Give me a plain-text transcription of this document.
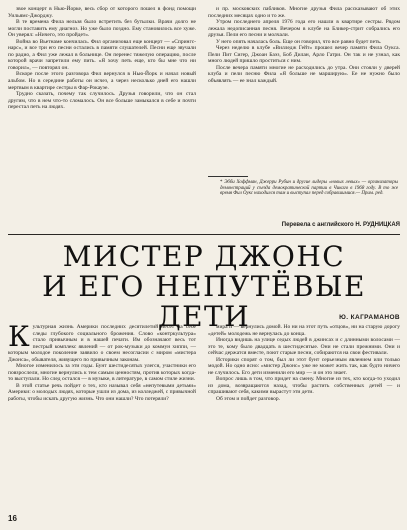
звое концерт в Нью-Йорке, весь сбор от которого пошел в фонд помощи Уильямс-Джорджу.

В те времена Фила нельзя было встретить без бутылки. Врачи долго не могли поставить ему диагноз. Но уже было поздно. Ему становилось все хуже. Он уверял: «Ничего, это пройдет».

Война во Вьетнаме кончилась. Фил организовал еще концерт — «Спрингс-нарс», и все три его песни остались в памяти слушателей. Песни еще звучали по радио, а Фил уже лежал в больнице. Он перенес тяжелую операцию, после которой врачи запретили ему пить. «Я хочу петь еще, кто бы мне что ни говорил», — повторял он.

Вскоре после этого разговора Фил вернулся в Нью-Йорк и начал новый альбом. Но в середине работы он исчез, а через несколько дней его нашли мертвым в квартире сестры в Фар-Рокауэе.

Трудно сказать, почему так случилось. Друзья говорили, что он стал другим, что в нем что-то сломалось. Он все больше замыкался в себе и почти перестал петь на людях.

и пр. московских пабликов. Многие друзья Фила рассказывают об этих последних месяцах одно и то же.

Утром последнего апреля 1976 года его нашли в квартире сестры. Рядом лежала недописанная песня. Вечером в клубе на Бликер-стрит собрались его друзья. Пели его песни и молчали.

У него опять началась боль. Еще он говорил, что все равно будет петь.

Через неделю в клубе «Вилледж Гейт» прошел вечер памяти Фила Оукса. Пели Пит Сигер, Джоан Баэз, Боб Дилан, Арло Гатри. Он так и не узнал, как много людей пришло проститься с ним.

После вечера памяти многие не расходились до утра. Они стояли у дверей клуба и пели песню Фила «Я больше не марширую». Ее не нужно было объявлять — ее знал каждый.

* Эбби Хоффман, Джерри Рубин и другие лидеры «новых левых» — организаторы демонстраций у съезда демократической партии в Чикаго в 1968 году. В то же время Фил Оукс находился там и выступал перед собравшимися.— Прим. ред.
Перевела с английского Н. РУДНИЦКАЯ
МИСТЕР ДЖОНС
И ЕГО НЕПУТЁВЫЕ ДЕТИ	Ю. КАГРАМАНОВ

К ультурная жизнь Америки последних десятилетий несет на себе следы глубокого социального брожения. Слово «контркультура» стало привычным и в нашей печати. Им обозначают весь тот пестрый комплекс явлений — от рок-музыки до коммун хиппи, — которым молодое поколение заявило о своем несогласии с миром «мистера Джонса», обывателя, живущего по привычным законам.

Многое изменилось за эти годы. Бунт шестидесятых улегся, участники его повзрослели, многие вернулись к тем самым ценностям, против которых когда-то выступали. Но след остался — в музыке, в литературе, в самом стиле жизни.

В этой статье речь пойдет о тех, кто называл себя «непутевыми детьми» Америки: о молодых людях, которые ушли из дома, из колледжей, с привычной работы, чтобы искать другую жизнь. Что они нашли? Что потеряли?

мира и — вернулись домой. Но ни на этот путь «отцов», ни на старую дорогу «детей» молодежь не вернулась до конца.

Иногда видишь на улице седых людей в джинсах и с длинными волосами — это те, кому было двадцать в шестидесятые. Они не стали прежними. Они и сейчас держатся вместе, поют старые песни, собираются на свои фестивали.

Историки спорят о том, был ли этот бунт серьезным явлением или только модой. Но одно ясно: «мистер Джонс» уже не может жить так, как будто ничего не случилось. Его дети изменили его мир — и он это знает.

Вопрос лишь в том, что придет на смену. Многие из тех, кто когда-то уходил из дома, возвращаются назад, чтобы растить собственных детей — и спрашивают себя, какими вырастут эти дети.

Об этом и пойдет разговор.

16
